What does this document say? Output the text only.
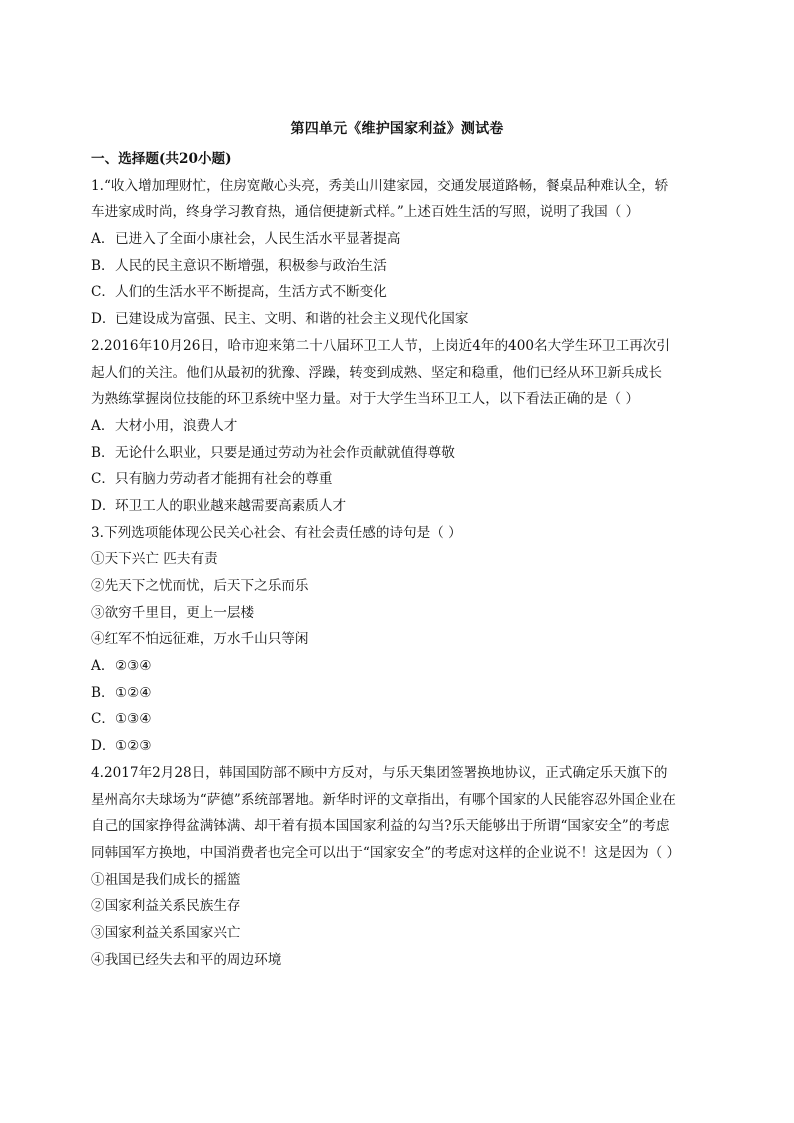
第四单元《维护国家利益》测试卷
一、选择题(共20小题)
1.“收入增加理财忙，住房宽敞心头亮，秀美山川建家园，交通发展道路畅，餐桌品种难认全，轿
车进家成时尚，终身学习教育热，通信便捷新式样。”上述百姓生活的写照，说明了我国（ ）
A．已进入了全面小康社会，人民生活水平显著提高
B．人民的民主意识不断增强，积极参与政治生活
C．人们的生活水平不断提高，生活方式不断变化
D．已建设成为富强、民主、文明、和谐的社会主义现代化国家
2.2016年10月26日，哈市迎来第二十八届环卫工人节，上岗近4年的400名大学生环卫工再次引
起人们的关注。他们从最初的犹豫、浮躁，转变到成熟、坚定和稳重，他们已经从环卫新兵成长
为熟练掌握岗位技能的环卫系统中坚力量。对于大学生当环卫工人，以下看法正确的是（ ）
A．大材小用，浪费人才
B．无论什么职业，只要是通过劳动为社会作贡献就值得尊敬
C．只有脑力劳动者才能拥有社会的尊重
D．环卫工人的职业越来越需要高素质人才
3.下列选项能体现公民关心社会、有社会责任感的诗句是（ ）
①天下兴亡 匹夫有责
②先天下之忧而忧，后天下之乐而乐
③欲穷千里目，更上一层楼
④红军不怕远征难，万水千山只等闲
A．②③④
B．①②④
C．①③④
D．①②③
4.2017年2月28日，韩国国防部不顾中方反对，与乐天集团签署换地协议，正式确定乐天旗下的
星州高尔夫球场为“萨德”系统部署地。新华时评的文章指出，有哪个国家的人民能容忍外国企业在
自己的国家挣得盆满钵满、却干着有损本国国家利益的勾当?乐天能够出于所谓“国家安全”的考虑
同韩国军方换地，中国消费者也完全可以出于“国家安全”的考虑对这样的企业说不！这是因为（ ）
①祖国是我们成长的摇篮
②国家利益关系民族生存
③国家利益关系国家兴亡
④我国已经失去和平的周边环境
